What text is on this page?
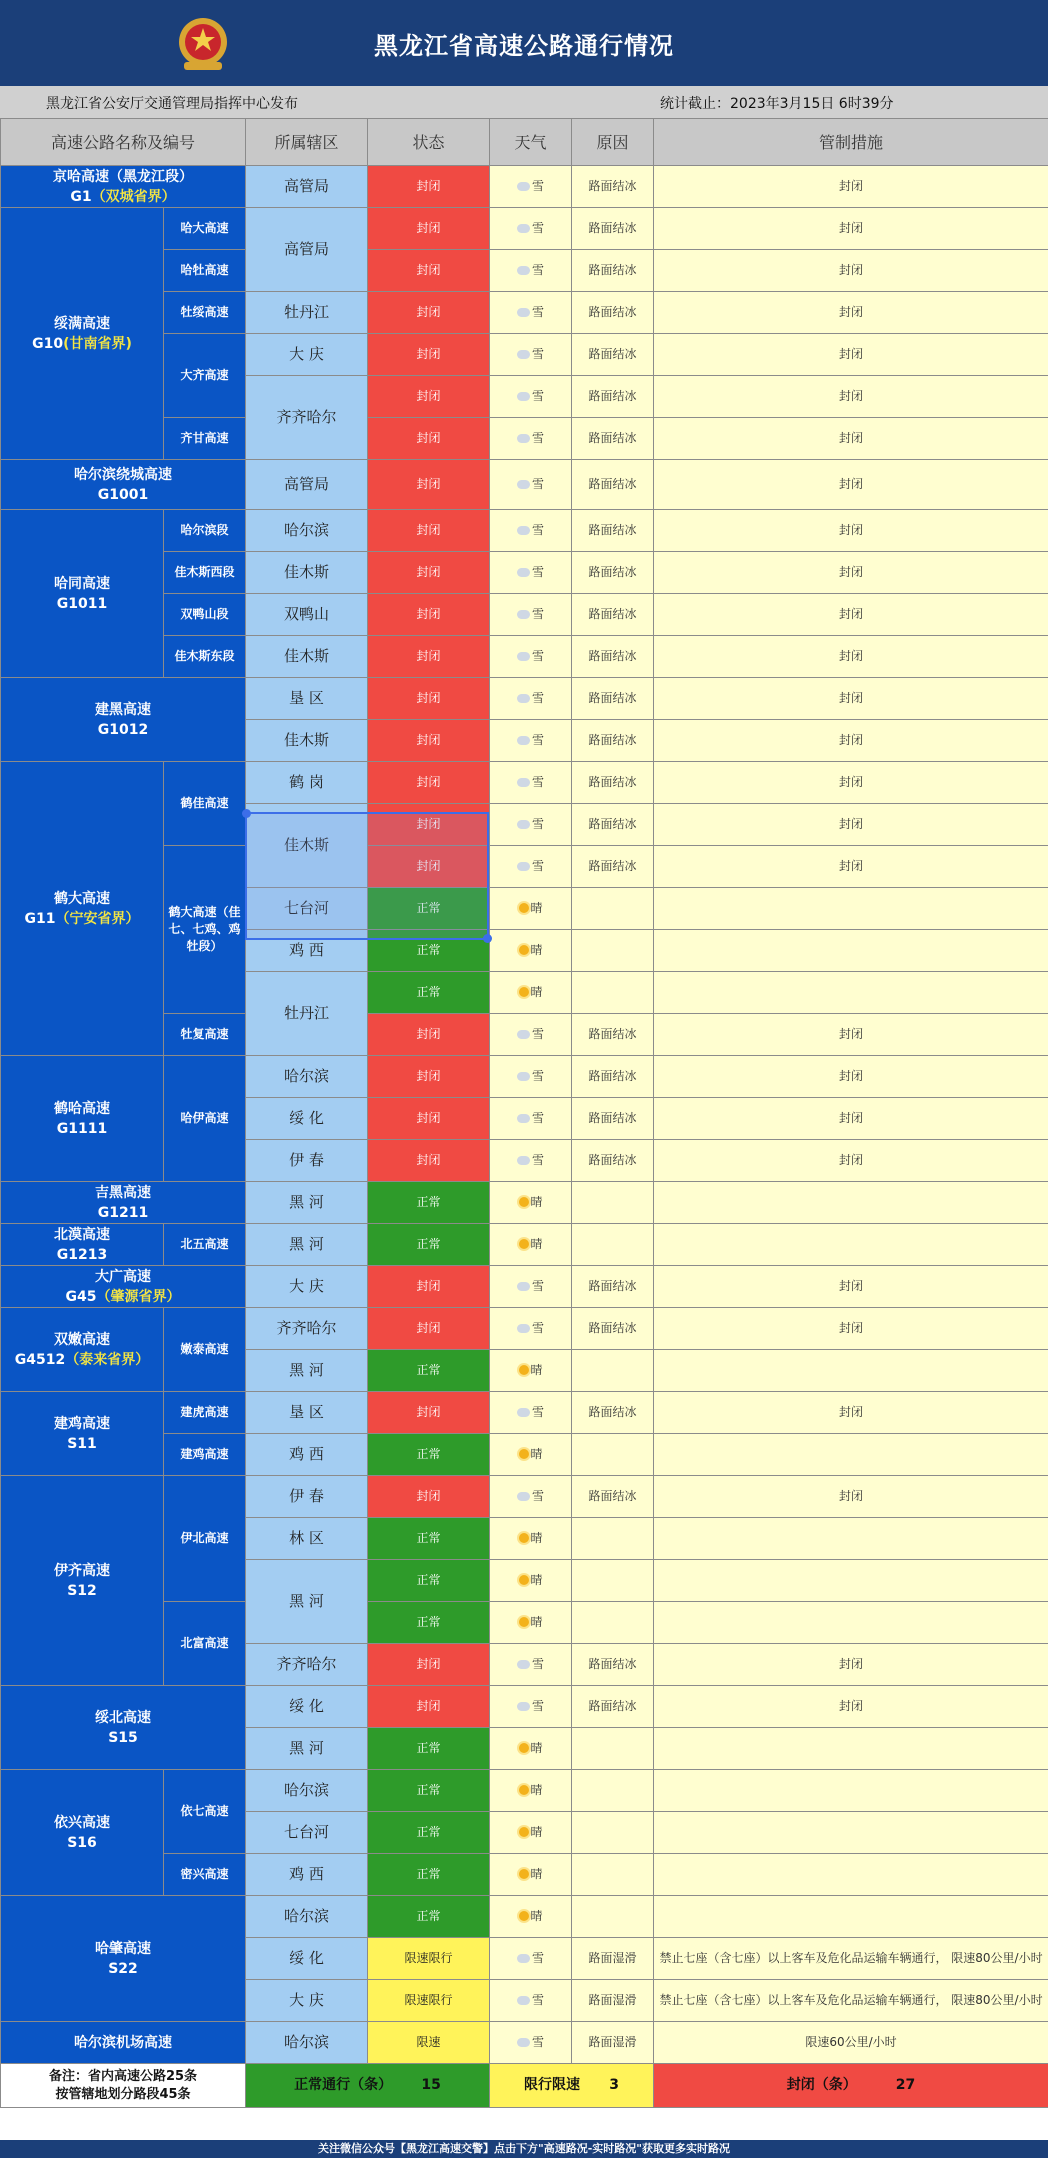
黑龙江省高速公路通行情况
黑龙江省公安厅交通管理局指挥中心发布	统计截止：2023年3月15日 6时39分
高速公路名称及编号		所属辖区	状态	天气	原因	管制措施
京哈高速（黑龙江段）
G1（双城省界）		高管局	封闭	雪	路面结冰	封闭
绥满高速
G10(甘南省界)	哈大高速	高管局	封闭	雪	路面结冰	封闭
	哈牡高速		封闭	雪	路面结冰	封闭
	牡绥高速	牡丹江	封闭	雪	路面结冰	封闭
	大齐高速	大 庆	封闭	雪	路面结冰	封闭
		齐齐哈尔	封闭	雪	路面结冰	封闭
	齐甘高速		封闭	雪	路面结冰	封闭
哈尔滨绕城高速
G1001		高管局	封闭	雪	路面结冰	封闭
哈同高速
G1011	哈尔滨段	哈尔滨	封闭	雪	路面结冰	封闭
	佳木斯西段	佳木斯	封闭	雪	路面结冰	封闭
	双鸭山段	双鸭山	封闭	雪	路面结冰	封闭
	佳木斯东段	佳木斯	封闭	雪	路面结冰	封闭
建黑高速
G1012		垦 区	封闭	雪	路面结冰	封闭
		佳木斯	封闭	雪	路面结冰	封闭
鹤大高速
G11（宁安省界）	鹤佳高速	鹤 岗	封闭	雪	路面结冰	封闭
		佳木斯	封闭	雪	路面结冰	封闭
	鹤大高速（佳七、七鸡、鸡牡段）		封闭	雪	路面结冰	封闭
		七台河	正常	晴		
		鸡 西	正常	晴		
		牡丹江	正常	晴		
	牡复高速		封闭	雪	路面结冰	封闭
鹤哈高速
G1111	哈伊高速	哈尔滨	封闭	雪	路面结冰	封闭
		绥 化	封闭	雪	路面结冰	封闭
		伊 春	封闭	雪	路面结冰	封闭
吉黑高速
G1211		黑 河	正常	晴		
北漠高速
G1213	北五高速	黑 河	正常	晴		
大广高速
G45（肇源省界）		大 庆	封闭	雪	路面结冰	封闭
双嫩高速
G4512（泰来省界）	嫩泰高速	齐齐哈尔	封闭	雪	路面结冰	封闭
		黑 河	正常	晴		
建鸡高速
S11	建虎高速	垦 区	封闭	雪	路面结冰	封闭
	建鸡高速	鸡 西	正常	晴		
伊齐高速
S12	伊北高速	伊 春	封闭	雪	路面结冰	封闭
		林 区	正常	晴		
		黑 河	正常	晴		
	北富高速		正常	晴		
		齐齐哈尔	封闭	雪	路面结冰	封闭
绥北高速
S15		绥 化	封闭	雪	路面结冰	封闭
		黑 河	正常	晴		
依兴高速
S16	依七高速	哈尔滨	正常	晴		
		七台河	正常	晴		
	密兴高速	鸡 西	正常	晴		
哈肇高速
S22		哈尔滨	正常	晴		
		绥 化	限速限行	雪	路面湿滑	禁止七座（含七座）以上客车及危化品运输车辆通行， 限速80公里/小时
		大 庆	限速限行	雪	路面湿滑	禁止七座（含七座）以上客车及危化品运输车辆通行， 限速80公里/小时
哈尔滨机场高速		哈尔滨	限速	雪	路面湿滑	限速60公里/小时
备注：省内高速公路25条
按管辖地划分路段45条		正常通行（条） 15		限行限速 3		封闭（条） 27
关注微信公众号【黑龙江高速交警】点击下方"高速路况-实时路况"获取更多实时路况
